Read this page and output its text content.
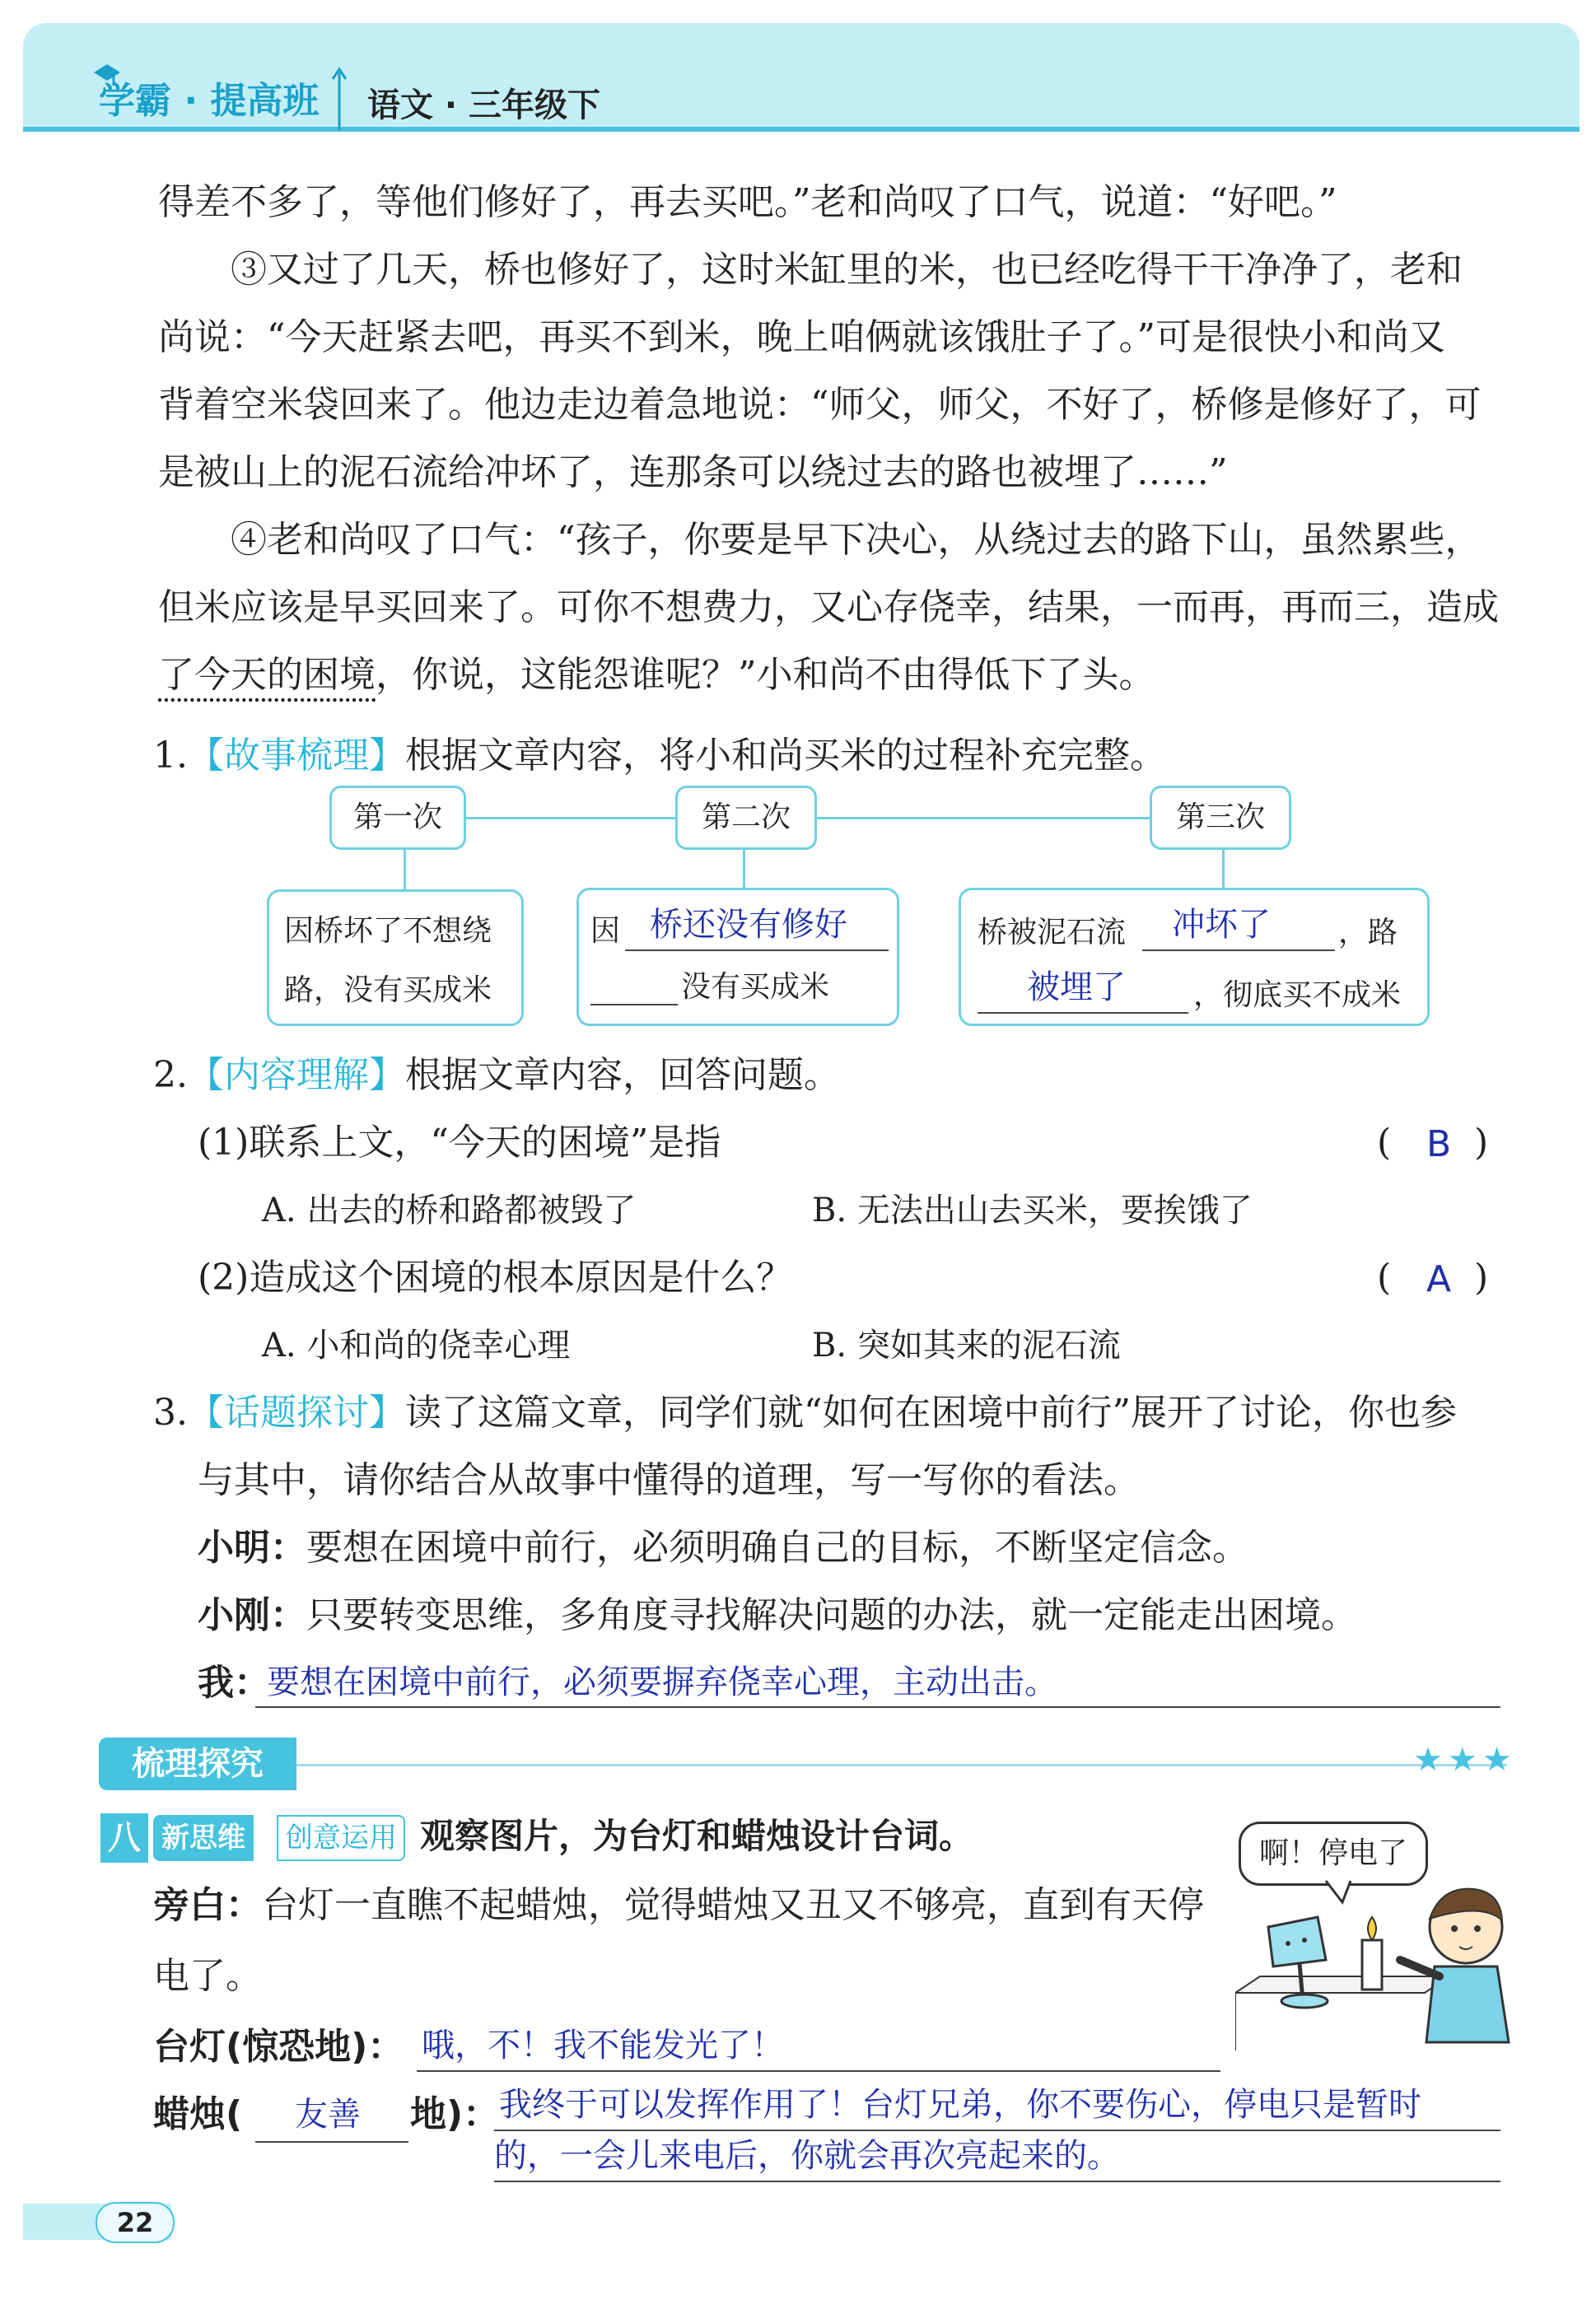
学霸 · 提高班 语文 · 三年级下
得差不多了，等他们修好了，再去买吧。”老和尚叹了口气，说道：“好吧。”
③又过了几天，桥也修好了，这时米缸里的米，也已经吃得干干净净了，老和
尚说：“今天赶紧去吧，再买不到米，晚上咱俩就该饿肚子了。”可是很快小和尚又
背着空米袋回来了。他边走边着急地说：“师父，师父，不好了，桥修是修好了，可
是被山上的泥石流给冲坏了，连那条可以绕过去的路也被埋了……”
④老和尚叹了口气：“孩子，你要是早下决心，从绕过去的路下山，虽然累些，
但米应该是早买回来了。可你不想费力，又心存侥幸，结果，一而再，再而三，造成
了今天的困境，你说，这能怨谁呢？”小和尚不由得低下了头。
1.【故事梳理】根据文章内容，将小和尚买米的过程补充完整。
第一次	第二次	第三次
因桥坏了不想绕
路，没有买成米
因 桥还没有修好
没有买成米
桥被泥石流 冲坏了 ，路
被埋了 ，彻底买不成米
2.【内容理解】根据文章内容，回答问题。
(1)联系上文，“今天的困境”是指	( B )
A. 出去的桥和路都被毁了	B. 无法出山去买米，要挨饿了
(2)造成这个困境的根本原因是什么？	( A )
A. 小和尚的侥幸心理	B. 突如其来的泥石流
3.【话题探讨】读了这篇文章，同学们就“如何在困境中前行”展开了讨论，你也参
与其中，请你结合从故事中懂得的道理，写一写你的看法。
小明：要想在困境中前行，必须明确自己的目标，不断坚定信念。
小刚：只要转变思维，多角度寻找解决问题的办法，就一定能走出困境。
我：
要想在困境中前行，必须要摒弃侥幸心理，主动出击。
梳理探究	★★★
八 新思维 创意运用 观察图片，为台灯和蜡烛设计台词。
旁白：台灯一直瞧不起蜡烛，觉得蜡烛又丑又不够亮，直到有天停
电了。
台灯(惊恐地)： 哦，不！我不能发光了！
蜡烛( 友善 地)： 我终于可以发挥作用了！台灯兄弟，你不要伤心，停电只是暂时
的，一会儿来电后，你就会再次亮起来的。
啊！停电了
22
